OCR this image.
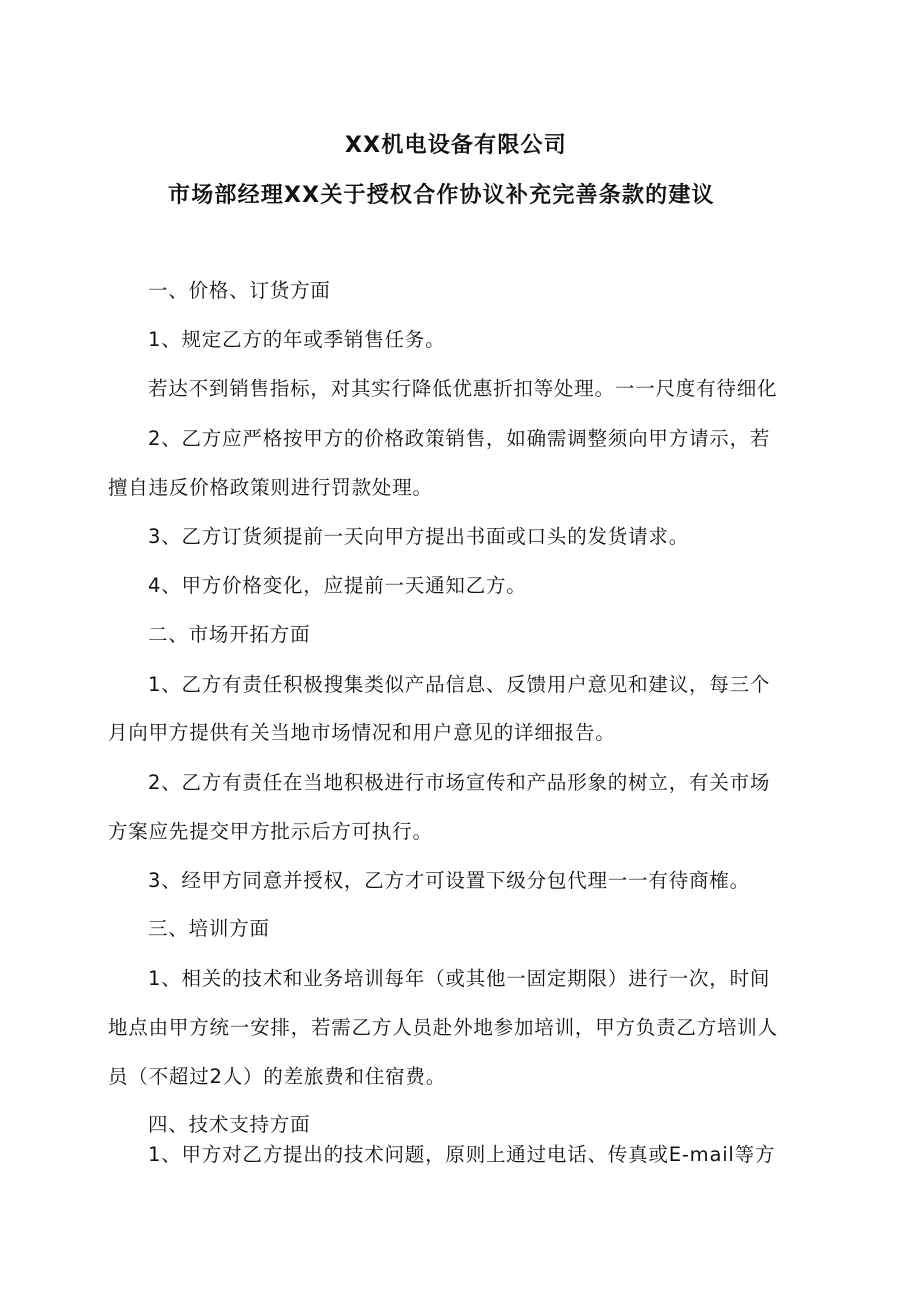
XX机电设备有限公司
市场部经理XX关于授权合作协议补充完善条款的建议

一、价格、订货方面

1、规定乙方的年或季销售任务。

若达不到销售指标，对其实行降低优惠折扣等处理。一一尺度有待细化

2、乙方应严格按甲方的价格政策销售，如确需调整须向甲方请示，若

擅自违反价格政策则进行罚款处理。

3、乙方订货须提前一天向甲方提出书面或口头的发货请求。

4、甲方价格变化，应提前一天通知乙方。

二、市场开拓方面

1、乙方有责任积极搜集类似产品信息、反馈用户意见和建议，每三个

月向甲方提供有关当地市场情况和用户意见的详细报告。

2、乙方有责任在当地积极进行市场宣传和产品形象的树立，有关市场

方案应先提交甲方批示后方可执行。

3、经甲方同意并授权，乙方才可设置下级分包代理一一有待商榷。

三、培训方面

1、相关的技术和业务培训每年（或其他一固定期限）进行一次，时间

地点由甲方统一安排，若需乙方人员赴外地参加培训，甲方负责乙方培训人

员（不超过2人）的差旅费和住宿费。

四、技术支持方面

1、甲方对乙方提出的技术问题，原则上通过电话、传真或E-mail等方
